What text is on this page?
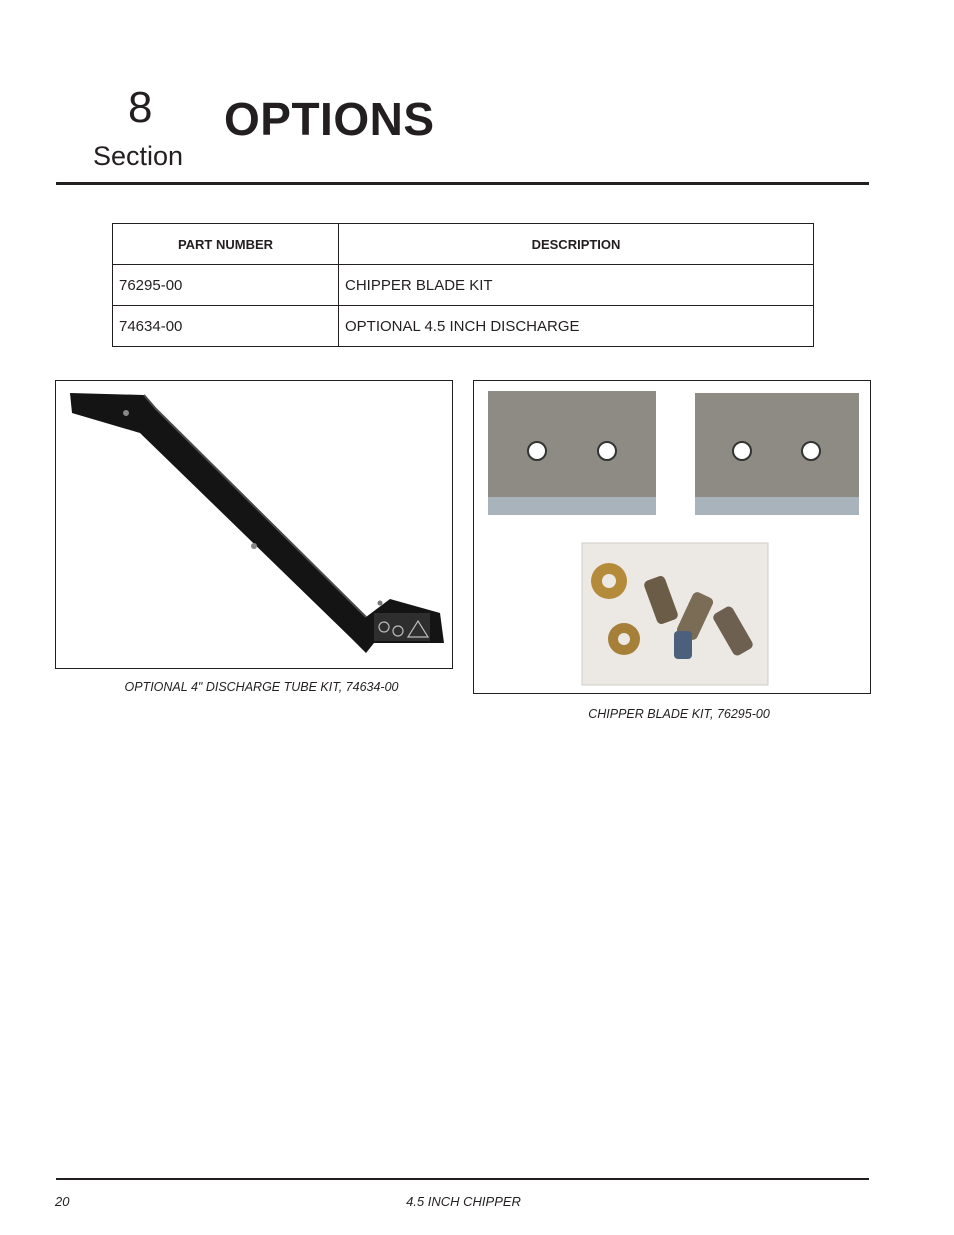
8
Section
OPTIONS
PART NUMBER	DESCRIPTION
76295-00	CHIPPER BLADE KIT
74634-00	OPTIONAL 4.5 INCH DISCHARGE
OPTIONAL 4" DISCHARGE TUBE KIT, 74634-00
CHIPPER BLADE KIT, 76295-00
20	4.5 INCH CHIPPER
